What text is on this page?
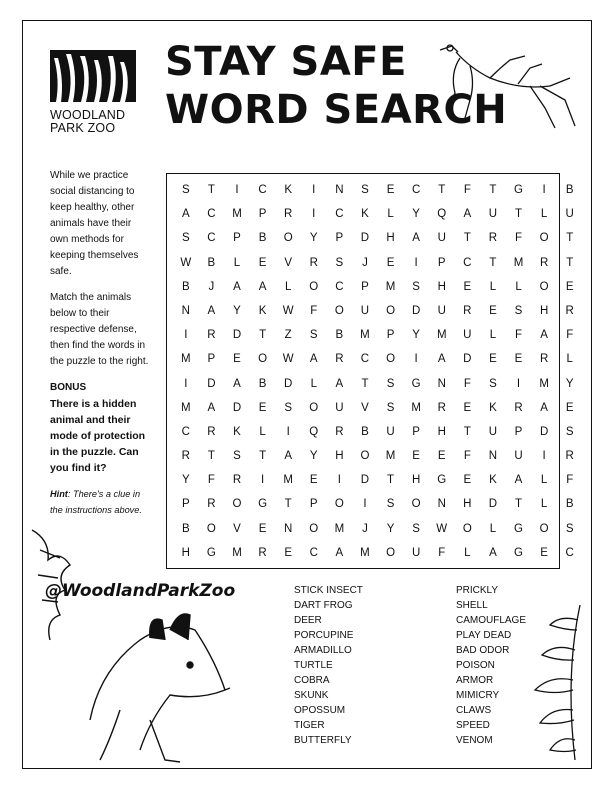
WOODLAND
PARK ZOO
STAY SAFE
WORD SEARCH

While we practice social distancing to keep healthy, other animals have their own methods for keeping themselves safe.

Match the animals below to their respective defense, then find the words in the puzzle to the right.

BONUS

There is a hidden animal and their mode of protection in the puzzle. Can you find it?

Hint: There's a clue in the instructions above.

S	T	I	C	K	I	N	S	E	C	T	F	T	G	I	B
A	C	M	P	R	I	C	K	L	Y	Q	A	U	T	L	U
S	C	P	B	O	Y	P	D	H	A	U	T	R	F	O	T
W	B	L	E	V	R	S	J	E	I	P	C	T	M	R	T
B	J	A	A	L	O	C	P	M	S	H	E	L	L	O	E
N	A	Y	K	W	F	O	U	O	D	U	R	E	S	H	R
I	R	D	T	Z	S	B	M	P	Y	M	U	L	F	A	F
M	P	E	O	W	A	R	C	O	I	A	D	E	E	R	L
I	D	A	B	D	L	A	T	S	G	N	F	S	I	M	Y
M	A	D	E	S	O	U	V	S	M	R	E	K	R	A	E
C	R	K	L	I	Q	R	B	U	P	H	T	U	P	D	S
R	T	S	T	A	Y	H	O	M	E	E	F	N	U	I	R
Y	F	R	I	M	E	I	D	T	H	G	E	K	A	L	F
P	R	O	G	T	P	O	I	S	O	N	H	D	T	L	B
B	O	V	E	N	O	M	J	Y	S	W	O	L	G	O	S
H	G	M	R	E	C	A	M	O	U	F	L	A	G	E	C
@WoodlandParkZoo	STICK INSECT
DART FROG
DEER
PORCUPINE
ARMADILLO
TURTLE
COBRA
SKUNK
OPOSSUM
TIGER
BUTTERFLY
PRICKLY
SHELL
CAMOUFLAGE
PLAY DEAD
BAD ODOR
POISON
ARMOR
MIMICRY
CLAWS
SPEED
VENOM
